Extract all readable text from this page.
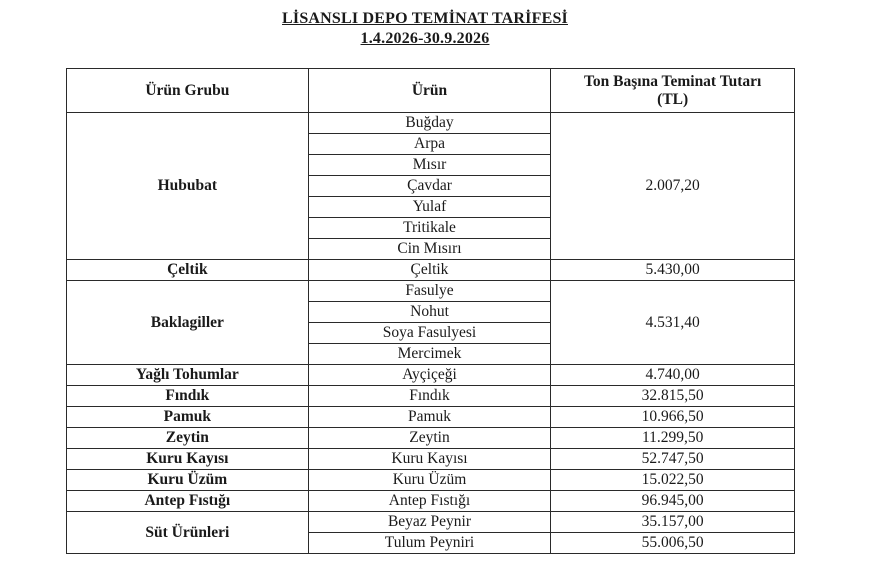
LİSANSLI DEPO TEMİNAT TARİFESİ
1.4.2026-30.9.2026
Ürün Grubu	Ürün	Ton Başına Teminat Tutarı
(TL)
Hububat	Buğday	2.007,20
	Arpa	
	Mısır	
	Çavdar	
	Yulaf	
	Tritikale	
	Cin Mısırı	
Çeltik	Çeltik	5.430,00
Baklagiller	Fasulye	4.531,40
	Nohut	
	Soya Fasulyesi	
	Mercimek	
Yağlı Tohumlar	Ayçiçeği	4.740,00
Fındık	Fındık	32.815,50
Pamuk	Pamuk	10.966,50
Zeytin	Zeytin	11.299,50
Kuru Kayısı	Kuru Kayısı	52.747,50
Kuru Üzüm	Kuru Üzüm	15.022,50
Antep Fıstığı	Antep Fıstığı	96.945,00
Süt Ürünleri	Beyaz Peynir	35.157,00
	Tulum Peyniri	55.006,50
